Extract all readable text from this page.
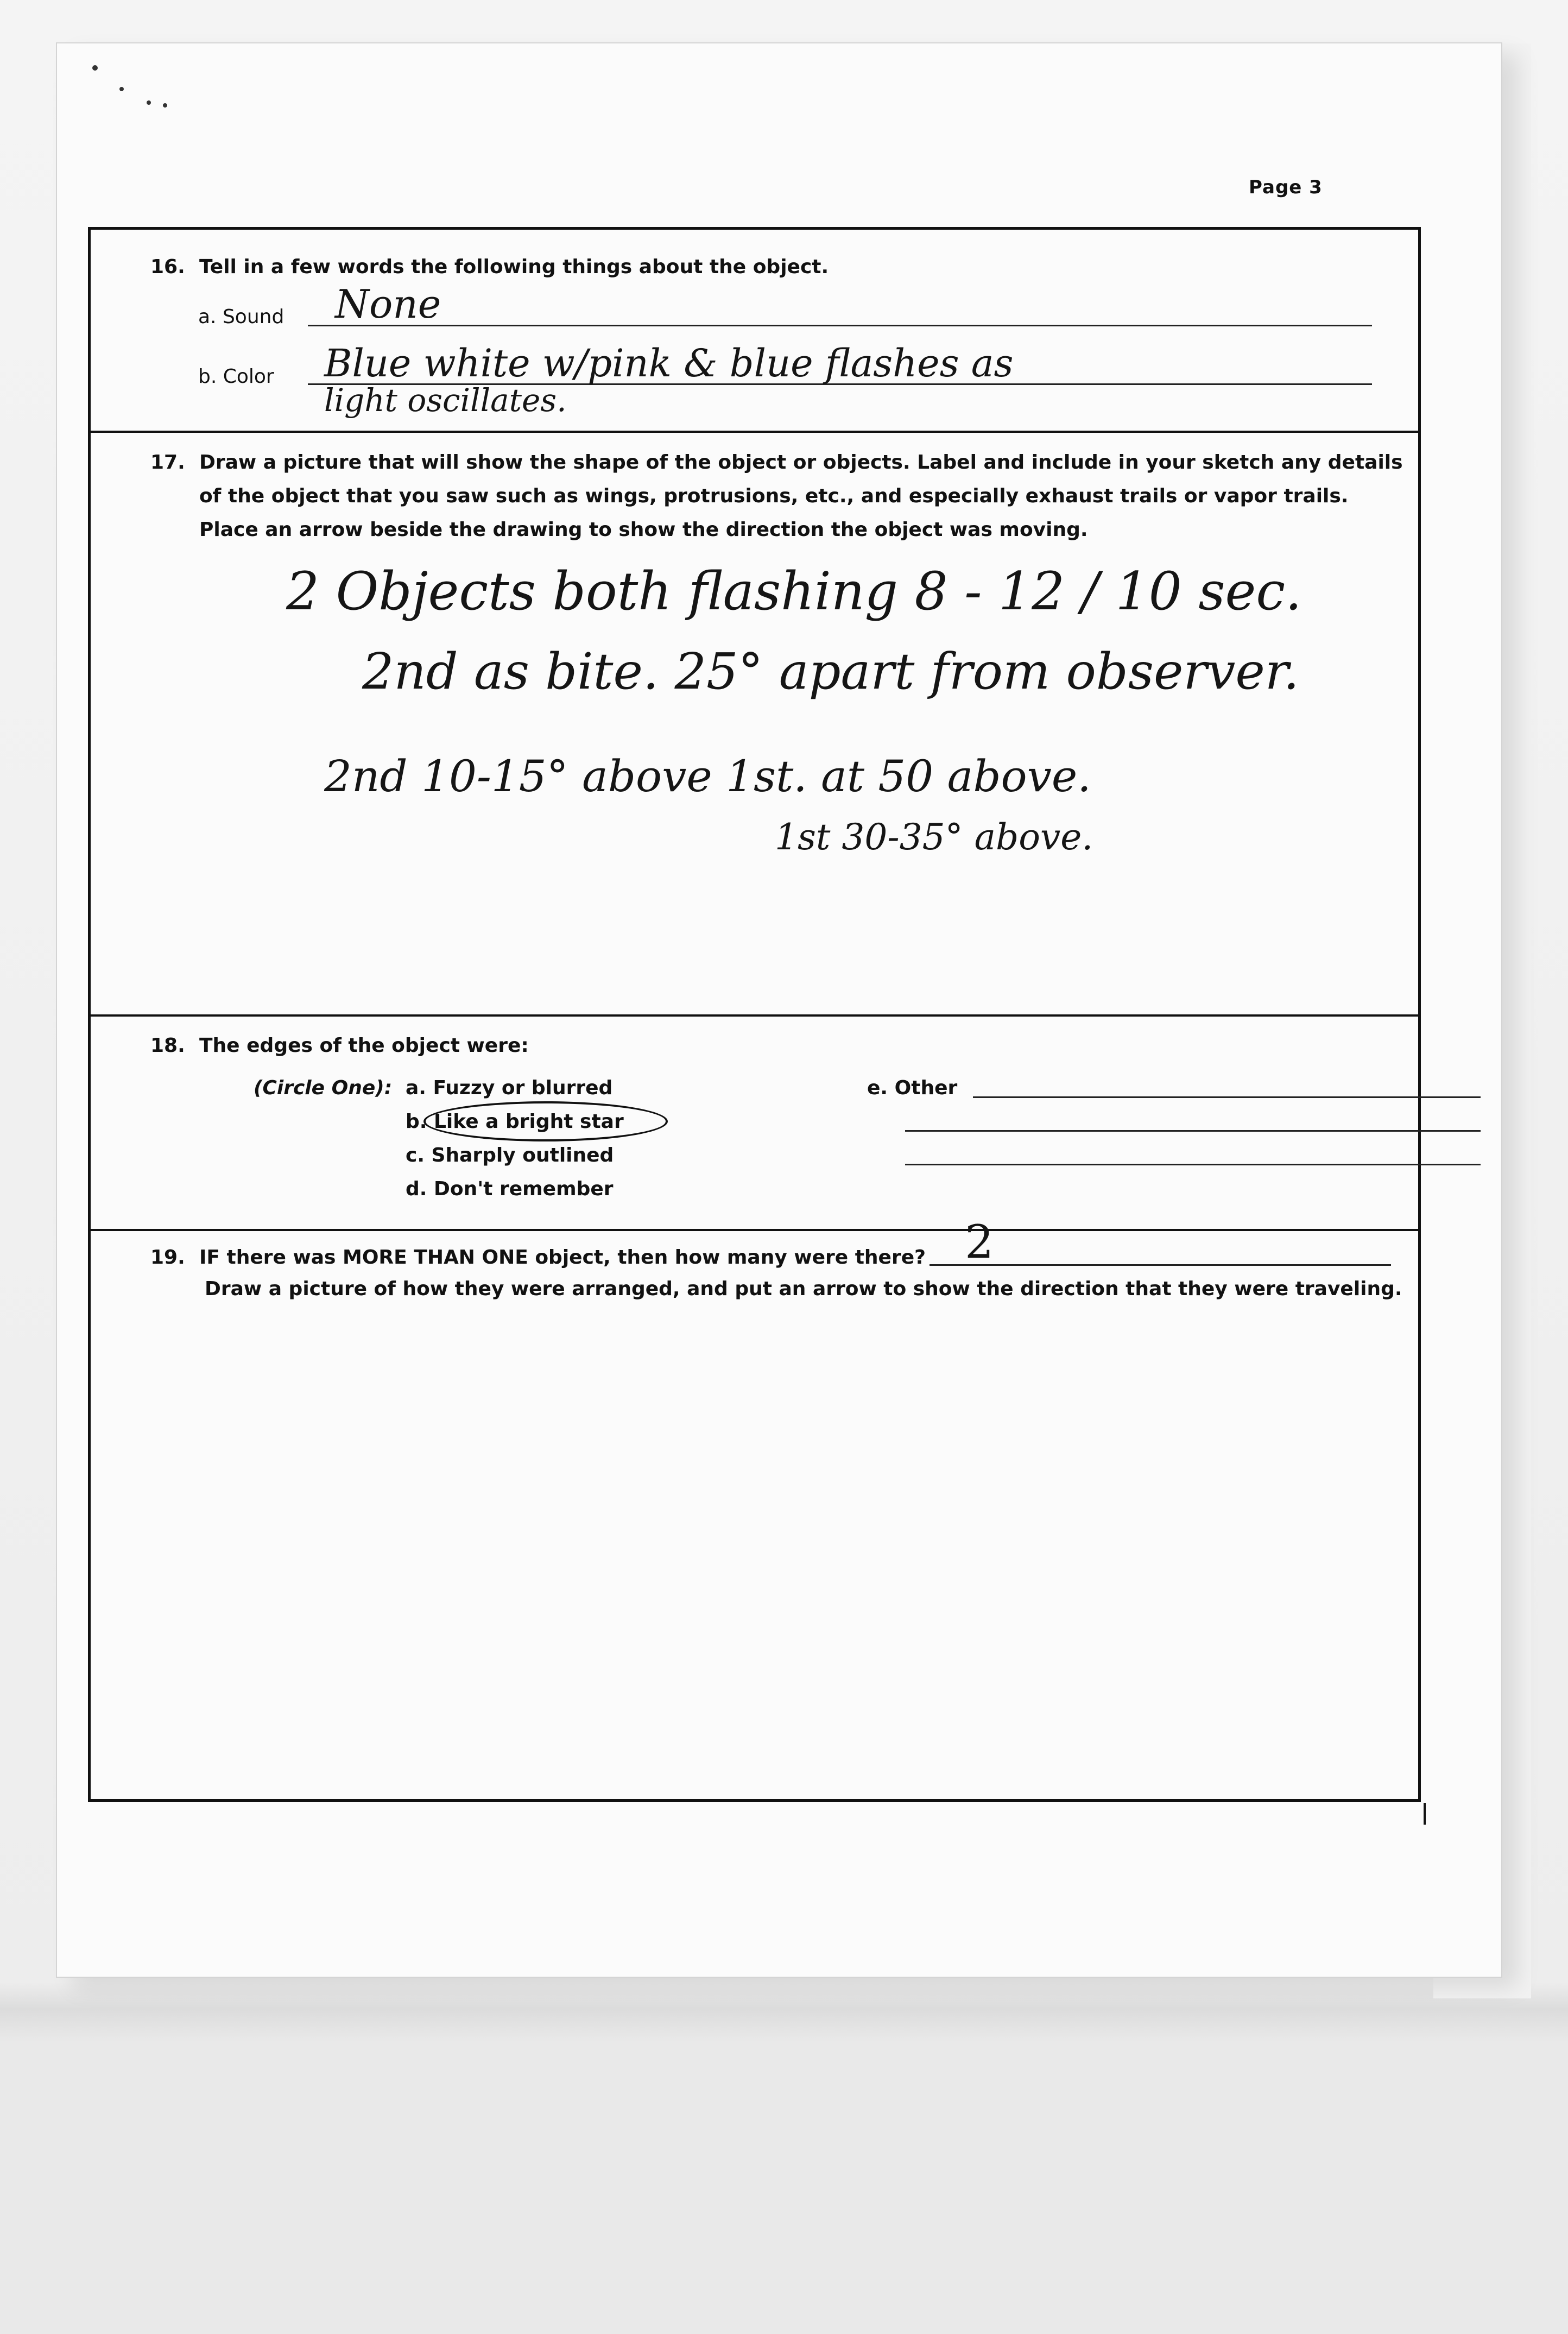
Page 3
16. Tell in a few words the following things about the object.
a. Sound None
b. Color Blue white w/pink & blue flashes as
light oscillates.
17. Draw a picture that will show the shape of the object or objects. Label and include in your sketch any details
of the object that you saw such as wings, protrusions, etc., and especially exhaust trails or vapor trails.
Place an arrow beside the drawing to show the direction the object was moving.
2 Objects both flashing 8 - 12 / 10 sec.
2nd as bite. 25° apart from observer.
2nd 10-15° above 1st. at 50 above.
1st 30-35° above.
18. The edges of the object were:
(Circle One): a. Fuzzy or blurred
b. Like a bright star
c. Sharply outlined
d. Don't remember
e. Other
19. IF there was MORE THAN ONE object, then how many were there? 2
Draw a picture of how they were arranged, and put an arrow to show the direction that they were traveling.
